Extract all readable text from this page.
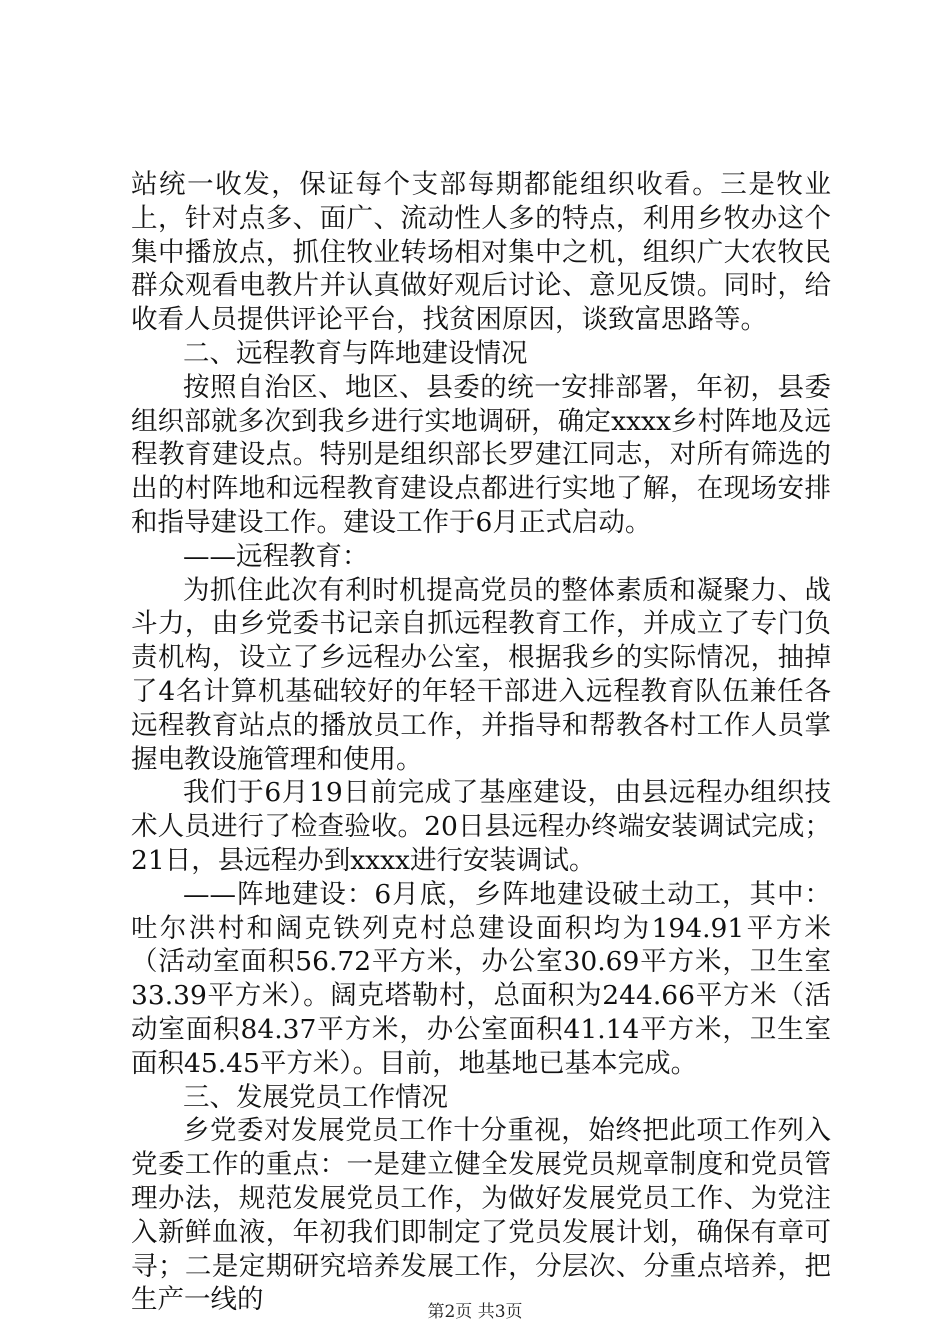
站统一收发，保证每个支部每期都能组织收看。三是牧业上，针对点多、面广、流动性人多的特点，利用乡牧办这个集中播放点，抓住牧业转场相对集中之机，组织广大农牧民群众观看电教片并认真做好观后讨论、意见反馈。同时，给收看人员提供评论平台，找贫困原因，谈致富思路等。

二、远程教育与阵地建设情况

按照自治区、地区、县委的统一安排部署，年初，县委组织部就多次到我乡进行实地调研，确定xxxx乡村阵地及远程教育建设点。特别是组织部长罗建江同志，对所有筛选的出的村阵地和远程教育建设点都进行实地了解，在现场安排和指导建设工作。建设工作于6月正式启动。

——远程教育：

为抓住此次有利时机提高党员的整体素质和凝聚力、战斗力，由乡党委书记亲自抓远程教育工作，并成立了专门负责机构，设立了乡远程办公室，根据我乡的实际情况，抽掉了4名计算机基础较好的年轻干部进入远程教育队伍兼任各远程教育站点的播放员工作，并指导和帮教各村工作人员掌握电教设施管理和使用。

我们于6月19日前完成了基座建设，由县远程办组织技术人员进行了检查验收。20日县远程办终端安装调试完成；21日，县远程办到xxxx进行安装调试。

——阵地建设：6月底，乡阵地建设破土动工，其中：吐尔洪村和阔克铁列克村总建设面积均为194.91平方米（活动室面积56.72平方米，办公室30.69平方米，卫生室33.39平方米）。阔克塔勒村，总面积为244.66平方米（活动室面积84.37平方米，办公室面积41.14平方米，卫生室面积45.45平方米）。目前，地基地已基本完成。

三、发展党员工作情况

乡党委对发展党员工作十分重视，始终把此项工作列入党委工作的重点：一是建立健全发展党员规章制度和党员管理办法，规范发展党员工作，为做好发展党员工作、为党注入新鲜血液，年初我们即制定了党员发展计划，确保有章可寻；二是定期研究培养发展工作，分层次、分重点培养，把生产一线的	第2页 共3页
